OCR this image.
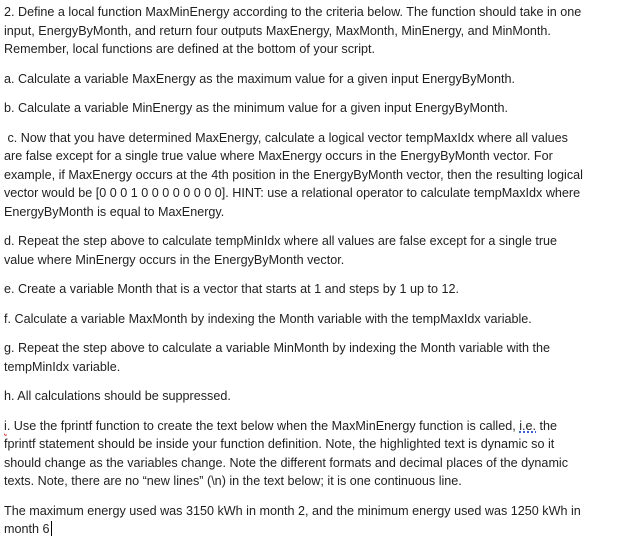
2. Define a local function MaxMinEnergy according to the criteria below. The function should take in one
input, EnergyByMonth, and return four outputs MaxEnergy, MaxMonth, MinEnergy, and MinMonth.
Remember, local functions are defined at the bottom of your script.
a. Calculate a variable MaxEnergy as the maximum value for a given input EnergyByMonth.
b. Calculate a variable MinEnergy as the minimum value for a given input EnergyByMonth.
c. Now that you have determined MaxEnergy, calculate a logical vector tempMaxIdx where all values
are false except for a single true value where MaxEnergy occurs in the EnergyByMonth vector. For
example, if MaxEnergy occurs at the 4th position in the EnergyByMonth vector, then the resulting logical
vector would be [0 0 0 1 0 0 0 0 0 0 0 0]. HINT: use a relational operator to calculate tempMaxIdx where
EnergyByMonth is equal to MaxEnergy.
d. Repeat the step above to calculate tempMinIdx where all values are false except for a single true
value where MinEnergy occurs in the EnergyByMonth vector.
e. Create a variable Month that is a vector that starts at 1 and steps by 1 up to 12.
f. Calculate a variable MaxMonth by indexing the Month variable with the tempMaxIdx variable.
g. Repeat the step above to calculate a variable MinMonth by indexing the Month variable with the
tempMinIdx variable.
h. All calculations should be suppressed.
i. Use the fprintf function to create the text below when the MaxMinEnergy function is called, i.e. the
fprintf statement should be inside your function definition. Note, the highlighted text is dynamic so it
should change as the variables change. Note the different formats and decimal places of the dynamic
texts. Note, there are no “new lines” (\n) in the text below; it is one continuous line.
The maximum energy used was 3150 kWh in month 2, and the minimum energy used was 1250 kWh in
month 6
